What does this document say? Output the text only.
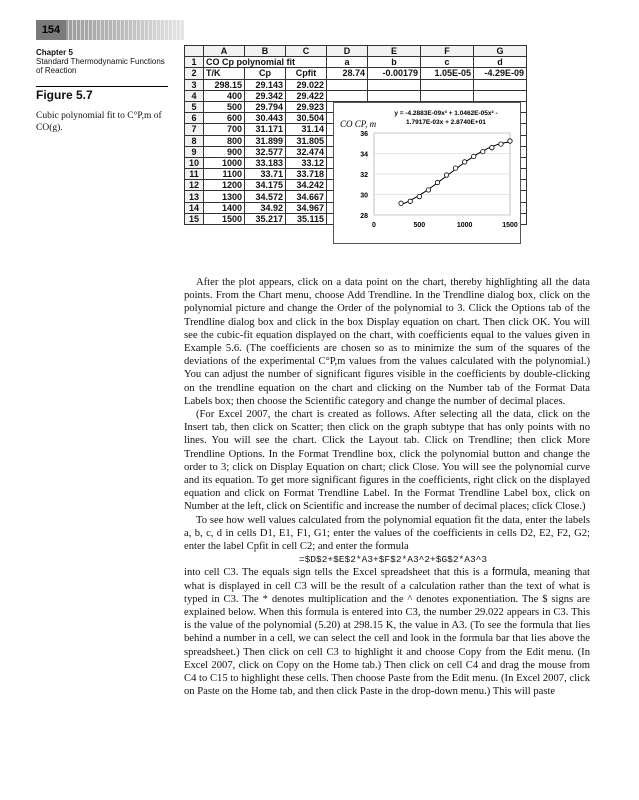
154
Chapter 5
Standard Thermodynamic Functions of Reaction
Figure 5.7
Cubic polynomial fit to C°P,m of CO(g).
	A	B	C	D	E	F	G
1	CO Cp polynomial fit			a	b	c	d
2	T/K	Cp	Cpfit	28.74	-0.00179	1.05E-05	-4.29E-09
3	298.15	29.143	29.022				
4	400	29.342	29.422				
5	500	29.794	29.923				
6	600	30.443	30.504				
7	700	31.171	31.14				
8	800	31.899	31.805				
9	900	32.577	32.474				
10	1000	33.183	33.12				
11	1100	33.71	33.718				
12	1200	34.175	34.242				
13	1300	34.572	34.667				
14	1400	34.92	34.967				
15	1500	35.217	35.115				
y = -4.2883E-09x³ + 1.0462E-05x² -
1.7917E-03x + 2.8740E+01
CO CP, m
28
30
32
34
36
0	500	1000	1500

After the plot appears, click on a data point on the chart, thereby highlighting all the data points. From the Chart menu, choose Add Trendline. In the Trendline dialog box, click on the polynomial picture and change the Order of the polynomial to 3. Click the Options tab of the Trendline dialog box and click in the box Display equation on chart. Then click OK. You will see the cubic-fit equation displayed on the chart, with coefficients equal to the values given in Example 5.6. (The coefficients are chosen so as to minimize the sum of the squares of the deviations of the experimental C°P,m values from the values calculated with the polynomial.) You can adjust the number of significant figures visible in the coefficients by double-clicking on the trendline equation on the chart and clicking on the Number tab of the Format Data Labels box; then choose the Scientific category and change the number of decimal places.

(For Excel 2007, the chart is created as follows. After selecting all the data, click on the Insert tab, then click on Scatter; then click on the graph subtype that has only points with no lines. You will see the chart. Click the Layout tab. Click on Trendline; then click More Trendline Options. In the Format Trendline box, click the polynomial button and change the order to 3; click on Display Equation on chart; click Close. You will see the polynomial curve and its equation. To get more significant figures in the coefficients, right click on the displayed equation and click on Format Trendline Label. In the Format Trendline Label box, click on Number at the left, click on Scientific and increase the number of decimal places; click Close.)

To see how well values calculated from the polynomial equation fit the data, enter the labels a, b, c, d in cells D1, E1, F1, G1; enter the values of the coefficients in cells D2, E2, F2, G2; enter the label Cpfit in cell C2; and enter the formula

=$D$2+$E$2*A3+$F$2*A3^2+$G$2*A3^3

into cell C3. The equals sign tells the Excel spreadsheet that this is a formula, meaning that what is displayed in cell C3 will be the result of a calculation rather than the text of what is typed in C3. The * denotes multiplication and the ^ denotes exponentiation. The $ signs are explained below. When this formula is entered into C3, the number 29.022 appears in C3. This is the value of the polynomial (5.20) at 298.15 K, the value in A3. (To see the formula that lies behind a number in a cell, we can select the cell and look in the formula bar that lies above the spreadsheet.) Then click on cell C3 to highlight it and choose Copy from the Edit menu. (In Excel 2007, click on Copy on the Home tab.) Then click on cell C4 and drag the mouse from C4 to C15 to highlight these cells. Then choose Paste from the Edit menu. (In Excel 2007, click on Paste on the Home tab, and then click Paste in the drop-down menu.) This will paste
